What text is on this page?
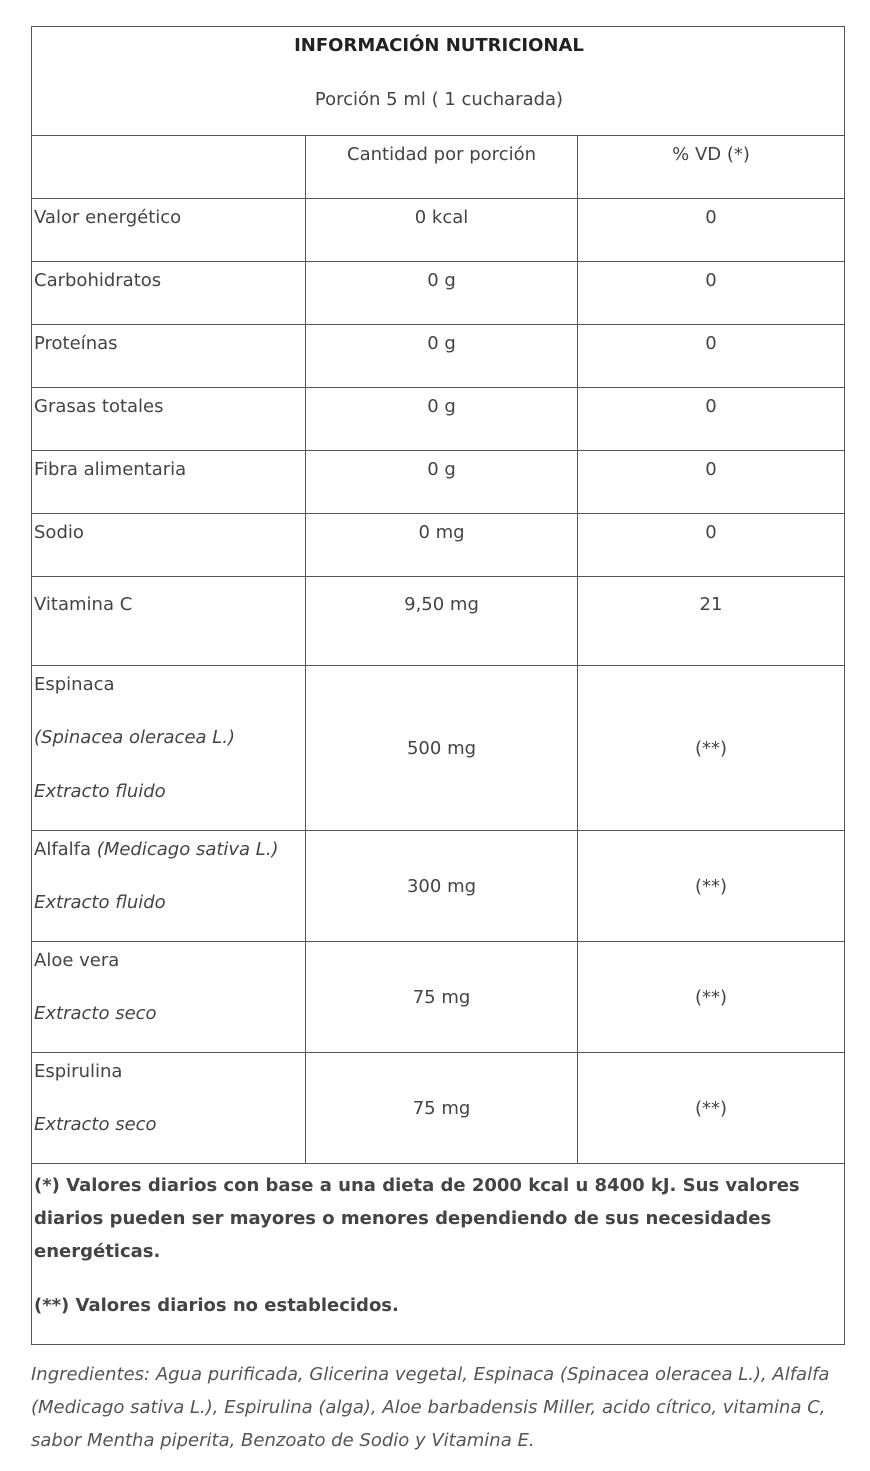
INFORMACIÓN NUTRICIONAL
Porción 5 ml ( 1 cucharada)		

	Cantidad por porción	% VD (*)
Valor energético	0 kcal	0
Carbohidratos	0 g	0
Proteínas	0 g	0
Grasas totales	0 g	0
Fibra alimentaria	0 g	0
Sodio	0 mg	0
Vitamina C	9,50 mg	21

Espinaca
(Spinacea oleracea L.)
Extracto fluido	500 mg	(**)

Alfalfa (Medicago sativa L.)
Extracto fluido	300 mg	(**)

Aloe vera
Extracto seco	75 mg	(**)

Espirulina
Extracto seco	75 mg	(**)

(*) Valores diarios con base a una dieta de 2000 kcal u 8400 kJ. Sus valores diarios pueden ser mayores o menores dependiendo de sus necesidades energéticas.
(**) Valores diarios no establecidos.		

Ingredientes: Agua purificada, Glicerina vegetal, Espinaca (Spinacea oleracea L.), Alfalfa (Medicago sativa L.), Espirulina (alga), Aloe barbadensis Miller, acido cítrico, vitamina C, sabor Mentha piperita, Benzoato de Sodio y Vitamina E.
